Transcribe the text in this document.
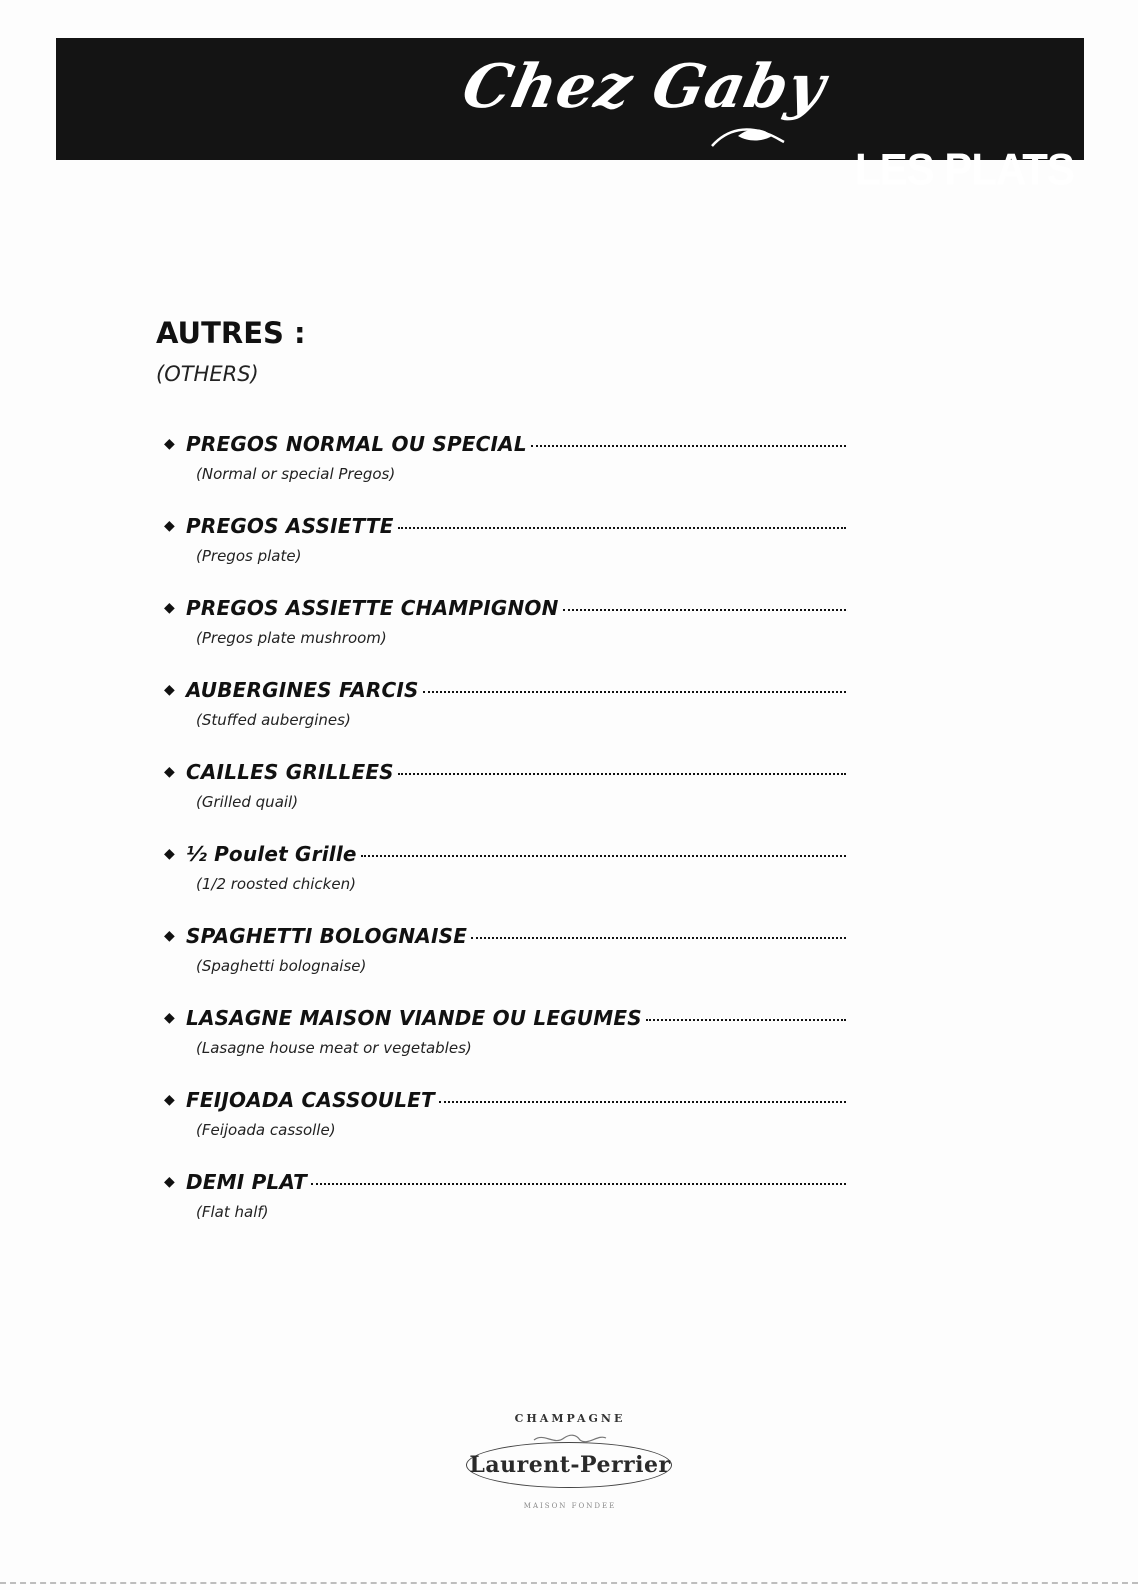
Chez Gaby
LES PLATS
AUTRES :
(OTHERS)
◆ PREGOS NORMAL OU SPECIAL
(Normal or special Pregos)
◆ PREGOS ASSIETTE
(Pregos plate)
◆ PREGOS ASSIETTE CHAMPIGNON
(Pregos plate mushroom)
◆ AUBERGINES FARCIS
(Stuffed aubergines)
◆ CAILLES GRILLEES
(Grilled quail)
◆ ½ Poulet Grille
(1/2 roosted chicken)
◆ SPAGHETTI BOLOGNAISE
(Spaghetti bolognaise)
◆ LASAGNE MAISON VIANDE OU LEGUMES
(Lasagne house meat or vegetables)
◆ FEIJOADA CASSOULET
(Feijoada cassolle)
◆ DEMI PLAT
(Flat half)
CHAMPAGNE
Laurent-Perrier
MAISON FONDEE
